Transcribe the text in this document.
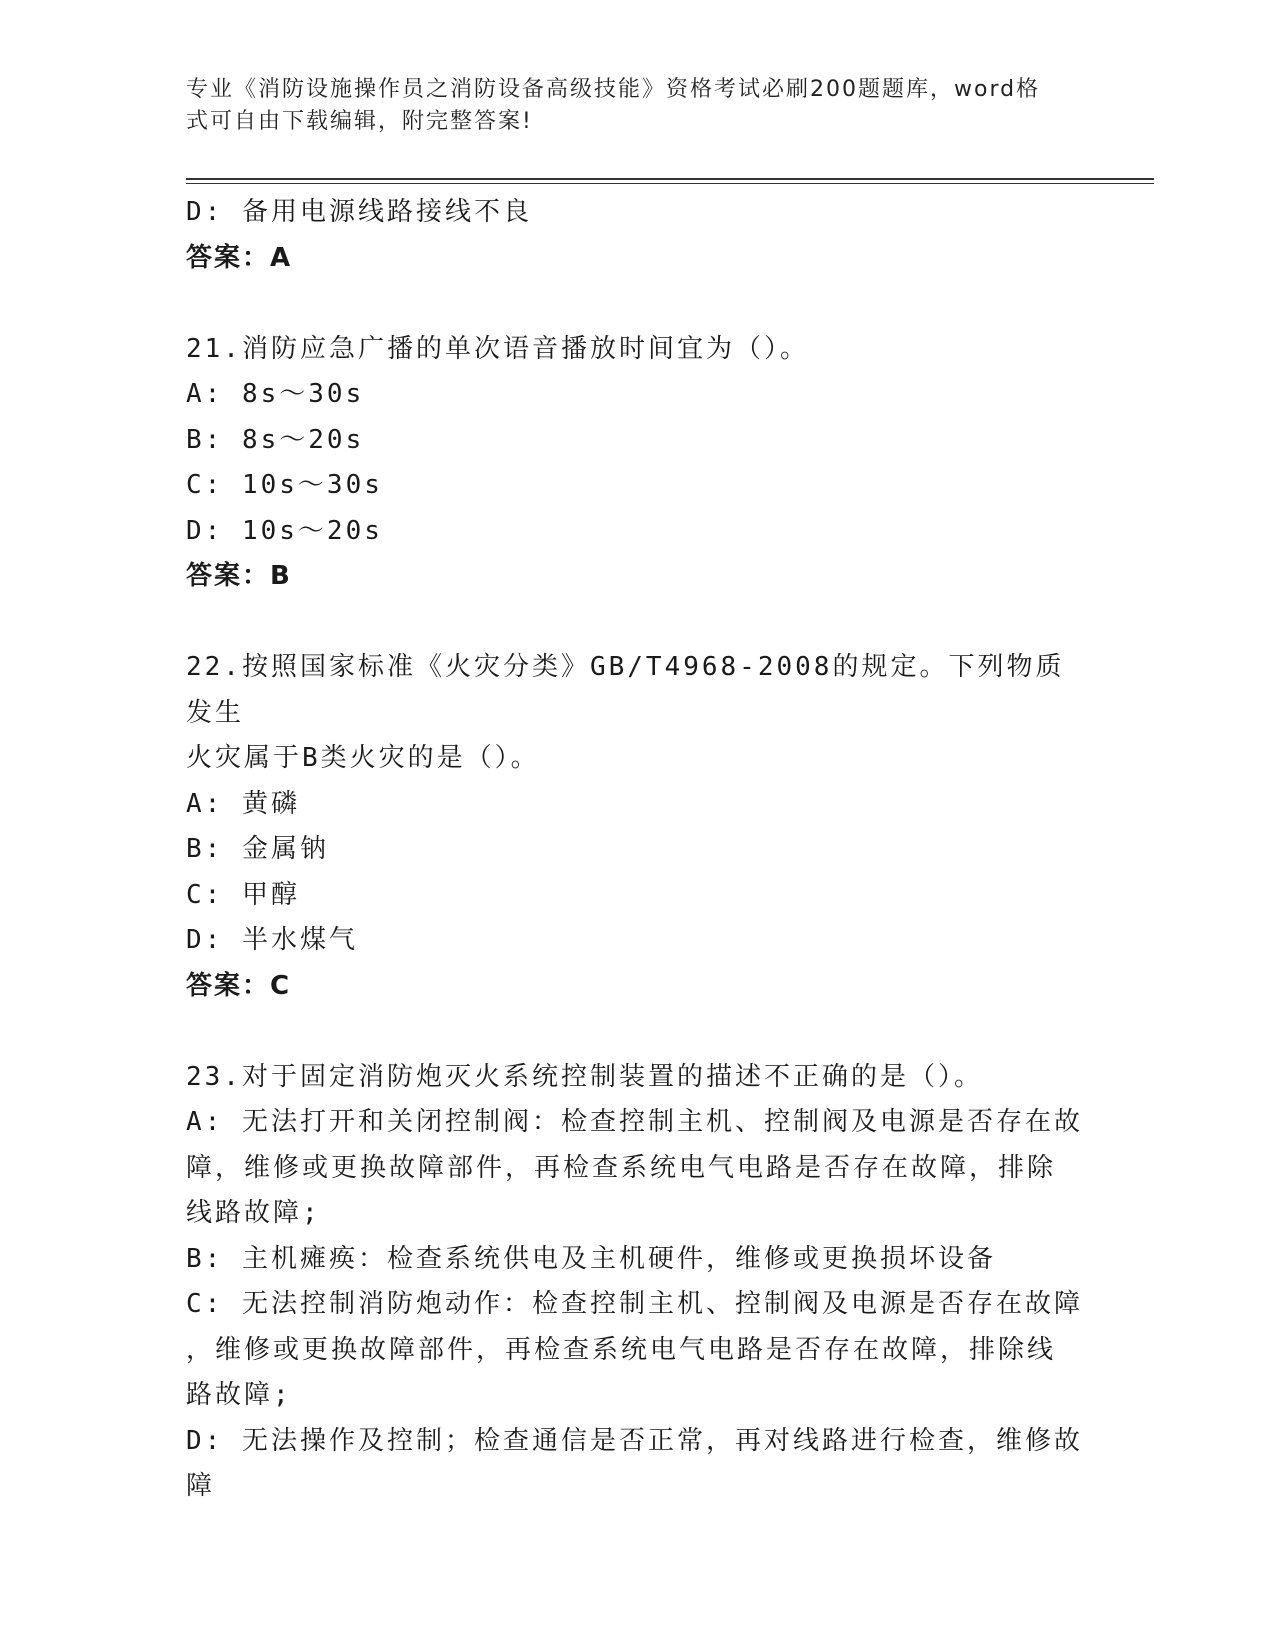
专业《消防设施操作员之消防设备高级技能》资格考试必刷200题题库，word格
式可自由下载编辑，附完整答案!
D: 备用电源线路接线不良
答案：A
21.消防应急广播的单次语音播放时间宜为（）。
A: 8s～30s
B: 8s～20s
C: 10s～30s
D: 10s～20s
答案：B
22.按照国家标准《火灾分类》GB/T4968-2008的规定。下列物质发生
火灾属于B类火灾的是（）。
A: 黄磷
B: 金属钠
C: 甲醇
D: 半水煤气
答案：C
23.对于固定消防炮灭火系统控制装置的描述不正确的是（）。
A: 无法打开和关闭控制阀：检查控制主机、控制阀及电源是否存在故
障，维修或更换故障部件，再检查系统电气电路是否存在故障，排除
线路故障;
B: 主机瘫痪：检查系统供电及主机硬件，维修或更换损坏设备
C: 无法控制消防炮动作：检查控制主机、控制阀及电源是否存在故障
，维修或更换故障部件，再检查系统电气电路是否存在故障，排除线
路故障;
D: 无法操作及控制；检查通信是否正常，再对线路进行检查，维修故
障
